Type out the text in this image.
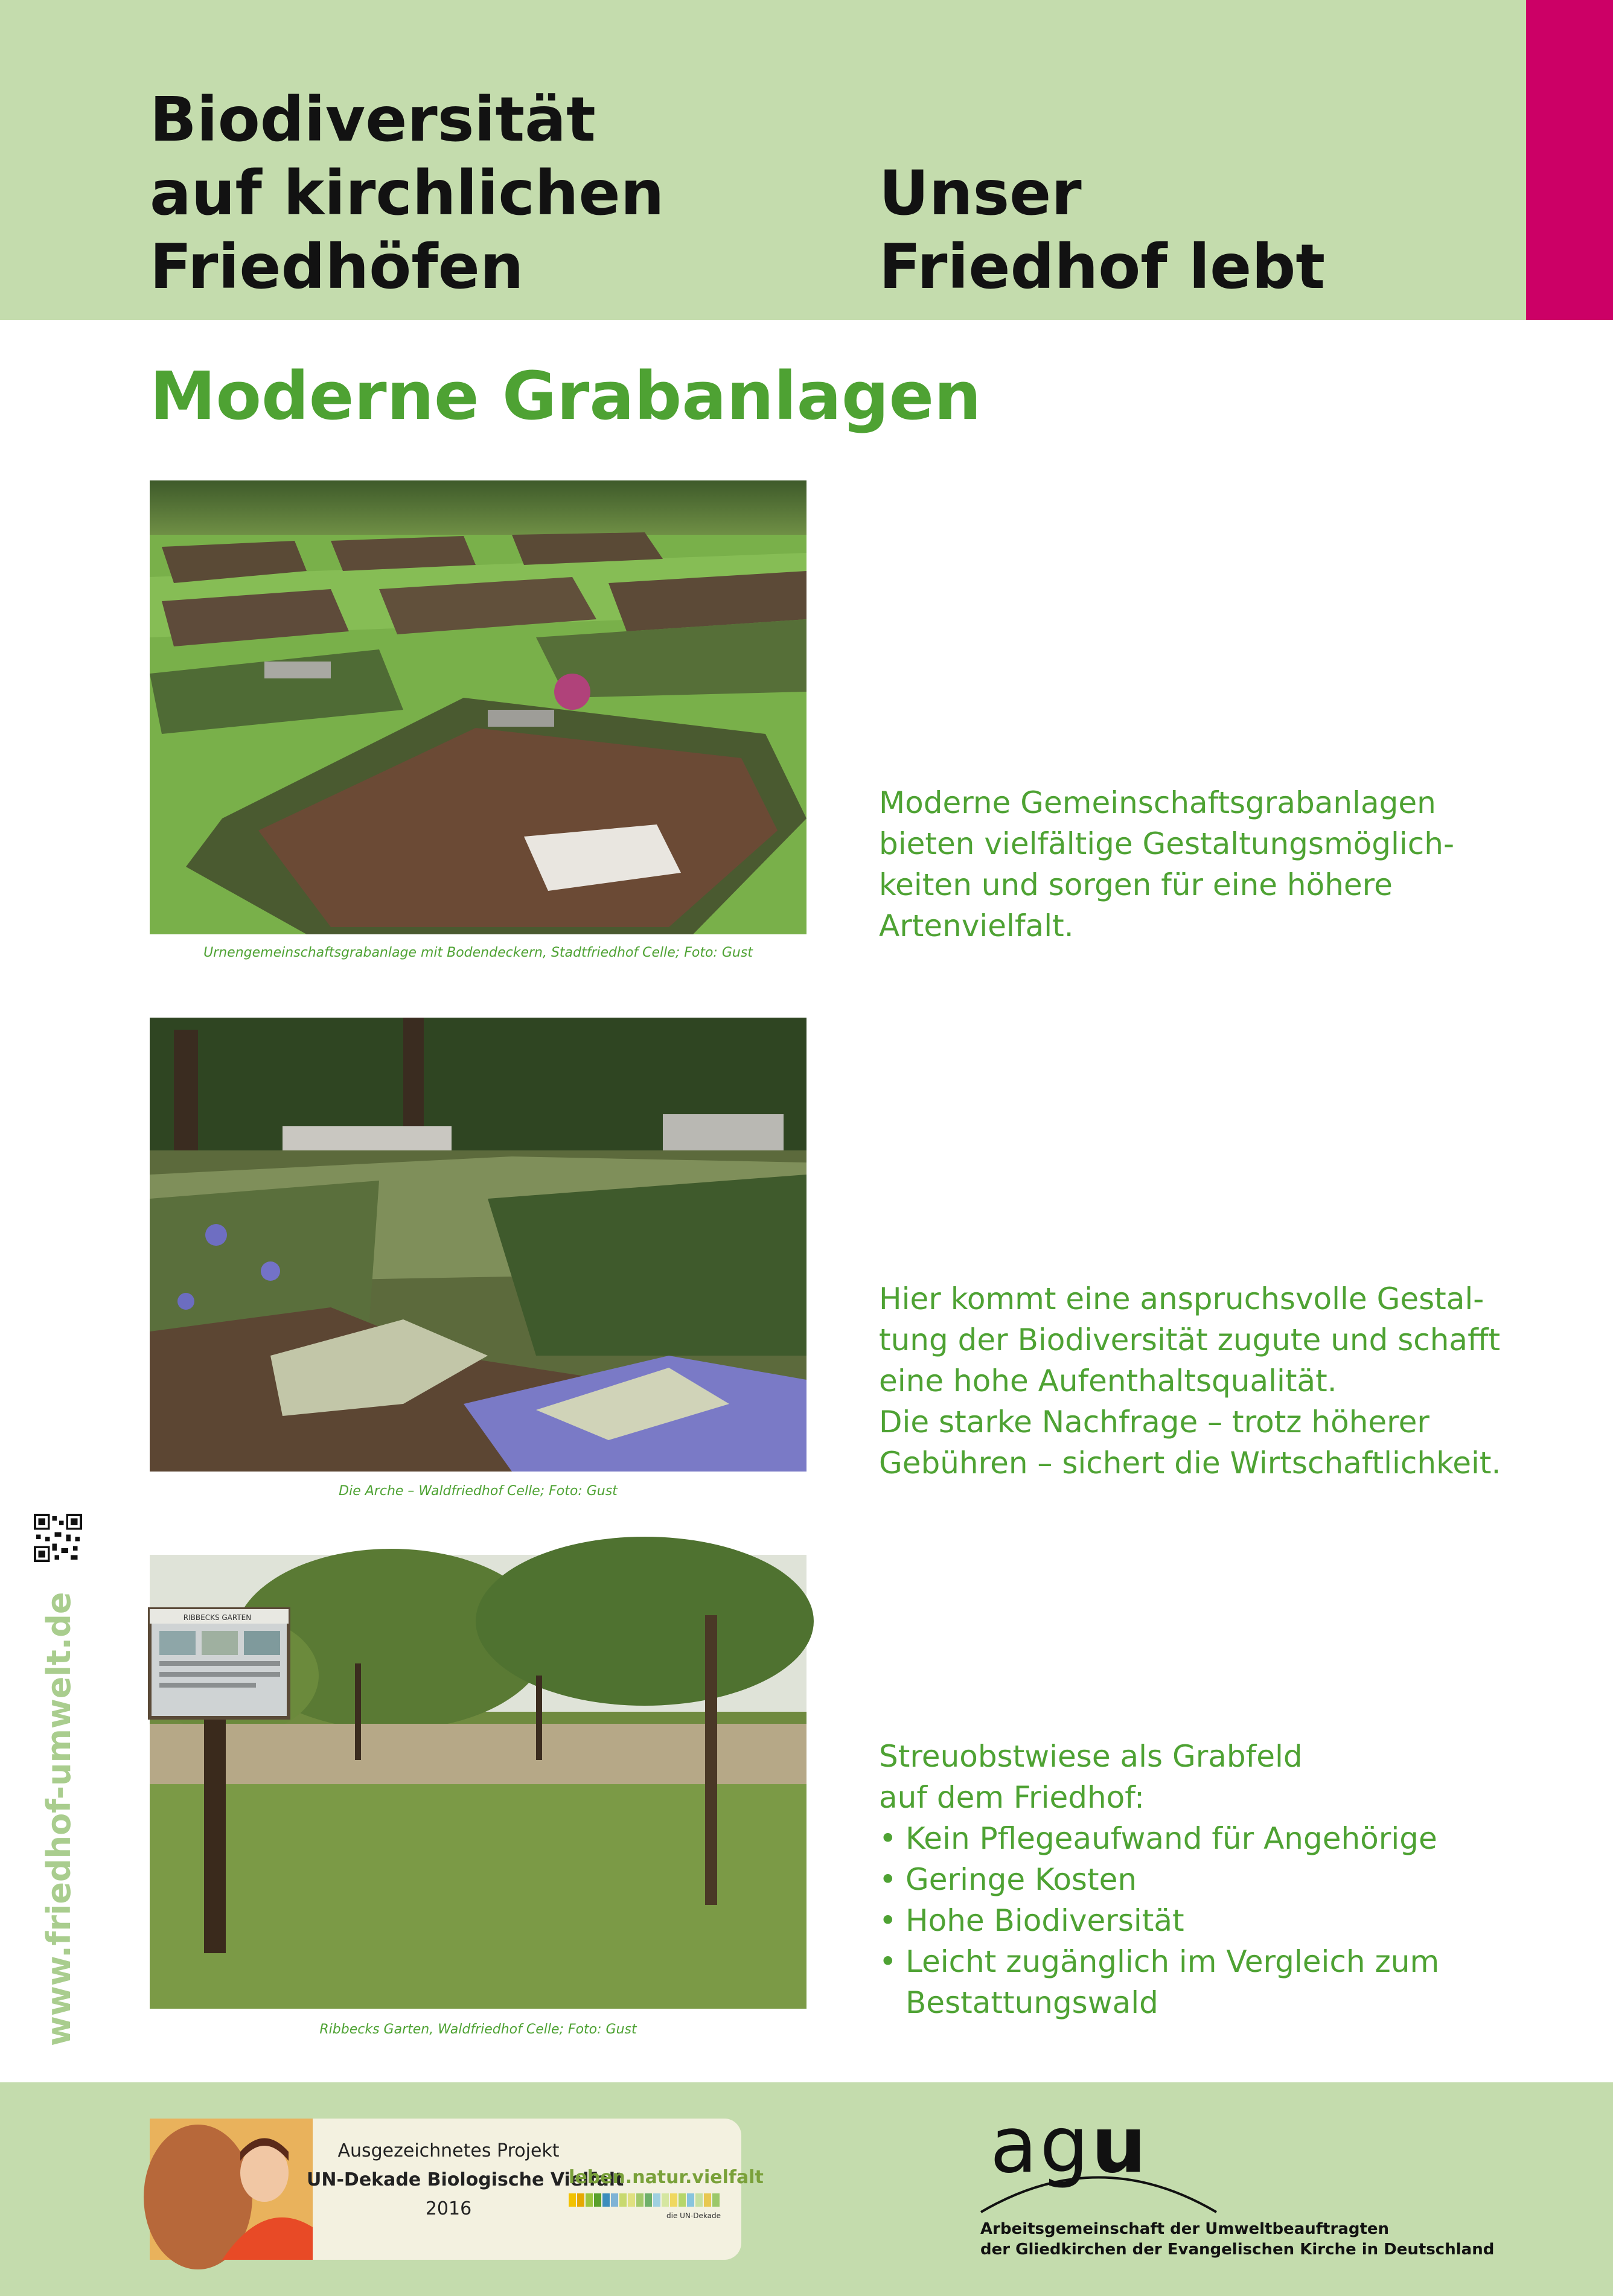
Biodiversität
auf kirchlichen
Friedhöfen
Unser
Friedhof lebt
Moderne Grabanlagen
Urnengemeinschaftsgrabanlage mit Bodendeckern, Stadtfriedhof Celle; Foto: Gust
Moderne Gemeinschaftsgrabanlagen
bieten vielfältige Gestaltungsmöglich-
keiten und sorgen für eine höhere
Artenvielfalt.
Die Arche – Waldfriedhof Celle; Foto: Gust
Hier kommt eine anspruchsvolle Gestal-
tung der Biodiversität zugute und schafft
eine hohe Aufenthaltsqualität.
Die starke Nachfrage – trotz höherer
Gebühren – sichert die Wirtschaftlichkeit.
RIBBECKS GARTEN
Ribbecks Garten, Waldfriedhof Celle; Foto: Gust
Streuobstwiese als Grabfeld
auf dem Friedhof:
• Kein Pflegeaufwand für Angehörige
• Geringe Kosten
• Hohe Biodiversität
• Leicht zugänglich im Vergleich zum
Bestattungswald
www.friedhof-umwelt.de
Ausgezeichnetes Projekt
UN-Dekade Biologische Vielfalt
2016
leben.natur.vielfalt
die UN-Dekade
agu
Arbeitsgemeinschaft der Umweltbeauftragten
der Gliedkirchen der Evangelischen Kirche in Deutschland
